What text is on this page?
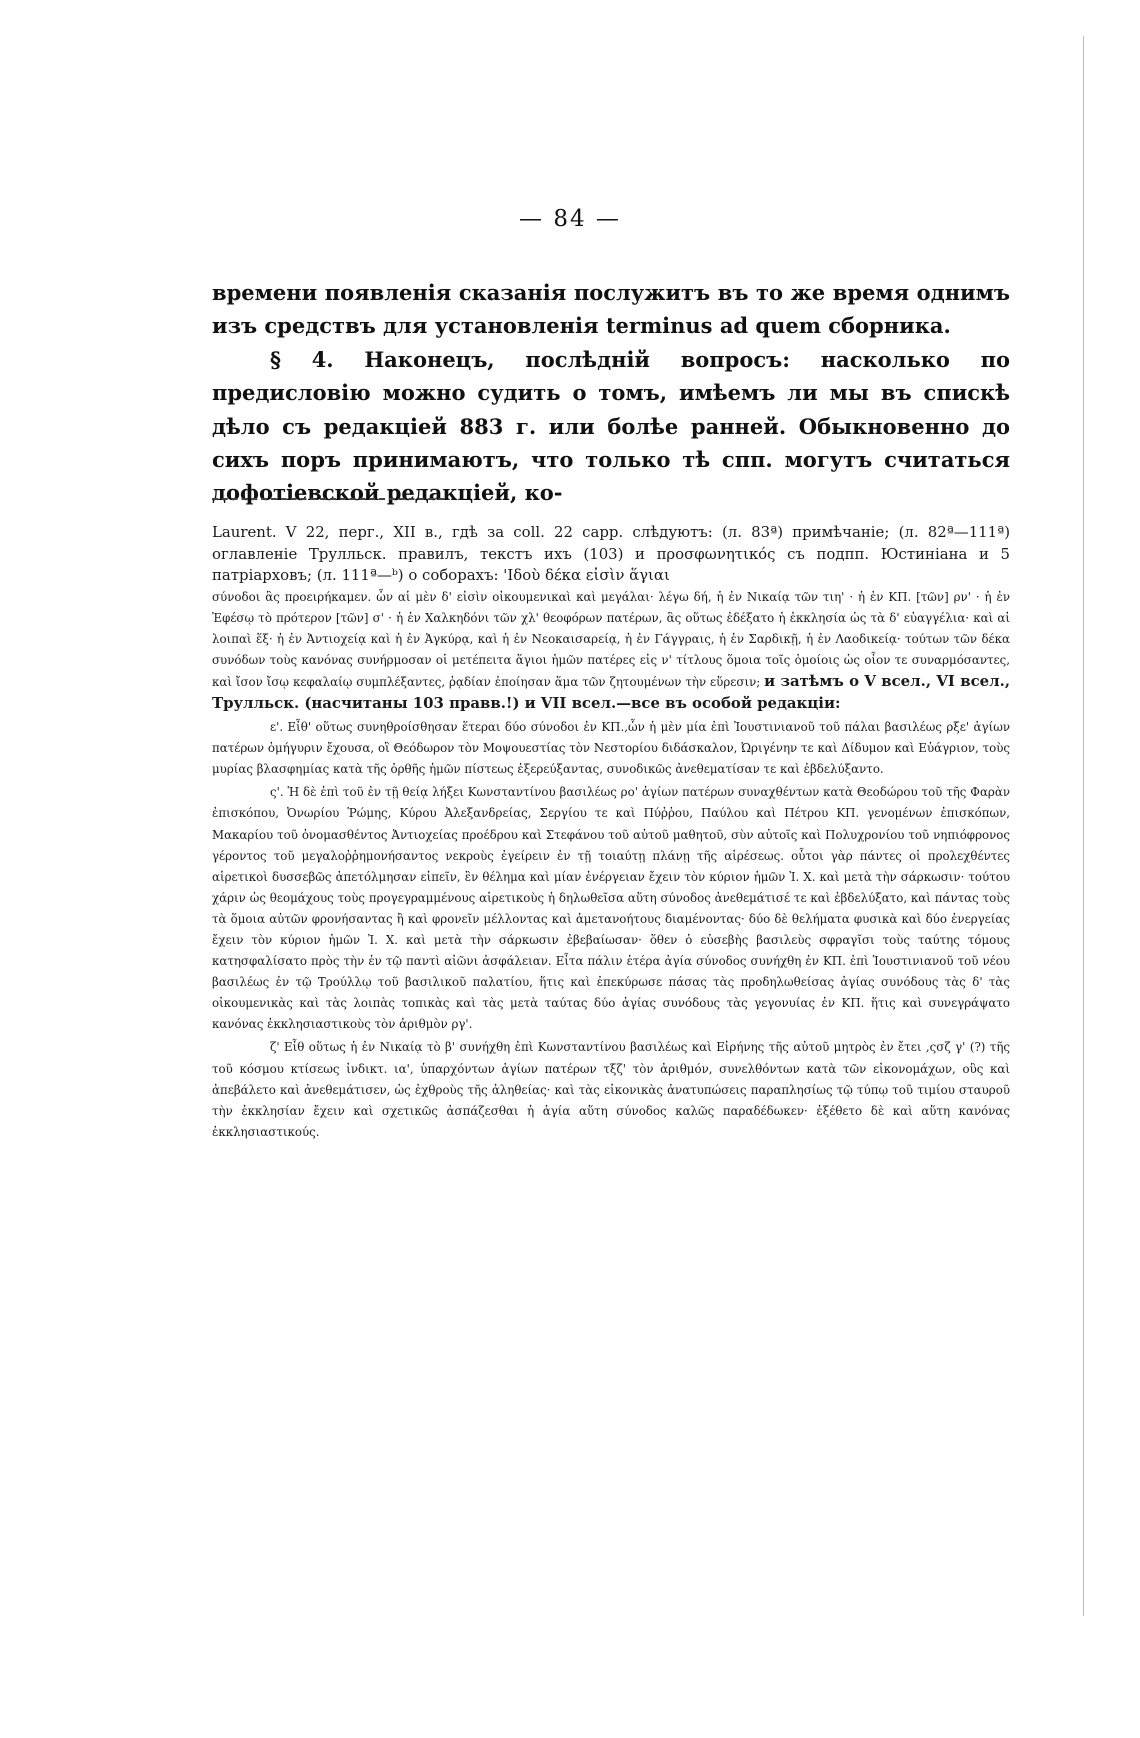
— 84 —

времени появленія сказанія послужитъ въ то же время однимъ изъ средствъ для установленія terminus ad quem сборника.

§ 4. Наконецъ, послѣдній вопросъ: насколько по предисловію можно судить о томъ, имѣемъ ли мы въ спискѣ дѣло съ редакціей 883 г. или болѣе ранней. Обыкновенно до сихъ поръ принимаютъ, что только тѣ спп. могутъ считаться дофотіевской редакціей, ко-

Laurent. V 22, перг., XII в., гдѣ за coll. 22 capp. слѣдуютъ: (л. 83ª) примѣчаніе; (л. 82ª—111ª) оглавленіе Трулльск. правилъ, текстъ ихъ (103) и προσφωνητικός съ подпп. Юстиніана и 5 патріарховъ; (л. 111ª—ᵇ) о соборахъ: 'Ιδοὺ δέκα εἰσὶν ἅγιαι

σύνοδοι ἃς προειρήκαμεν. ὧν αἱ μὲν δ' εἰσὶν οἰκουμενικαὶ καὶ μεγάλαι· λέγω δή, ἡ ἐν Νικαίᾳ τῶν τιη' · ἡ ἐν ΚΠ. [τῶν] ρν' · ἡ ἐν Ἐφέσῳ τὸ πρότερον [τῶν] σ' · ἡ ἐν Χαλκηδόνι τῶν χλ' θεοφόρων πατέρων, ἃς οὕτως ἐδέξατο ἡ ἐκκλησία ὡς τὰ δ' εὐαγγέλια· καὶ αἱ λοιπαὶ ἕξ· ἡ ἐν Ἀντιοχείᾳ καὶ ἡ ἐν Ἀγκύρᾳ, καὶ ἡ ἐν Νεοκαισαρείᾳ, ἡ ἐν Γάγγραις, ἡ ἐν Σαρδικῇ, ἡ ἐν Λαοδικείᾳ· τούτων τῶν δέκα συνόδων τοὺς κανόνας συνήρμοσαν οἱ μετέπειτα ἅγιοι ἡμῶν πατέρες εἰς ν' τίτλους ὅμοια τοῖς ὁμοίοις ὡς οἷον τε συναρμόσαντες, καὶ ἴσον ἴσῳ κεφαλαίῳ συμπλέξαντες, ῥᾳδίαν ἐποίησαν ἅμα τῶν ζητουμένων τὴν εὕρεσιν; и затѣмъ о V всел., VI всел., Трулльск. (насчитаны 103 правв.!) и VII всел.—все въ особой редакціи:

ε'. Εἶθ' οὕτως συνηθροίσθησαν ἕτεραι δύο σύνοδοι ἐν ΚΠ.,ὧν ἡ μὲν μία ἐπὶ Ἰουστινιανοῦ τοῦ πάλαι βασιλέως ρξε' ἁγίων πατέρων ὁμήγυριν ἔχουσα, οἳ Θεόδωρον τὸν Μοψουεστίας τὸν Νεστορίου διδάσκαλον, Ὠριγένην τε καὶ Δίδυμον καὶ Εὐάγριον, τοὺς μυρίας βλασφημίας κατὰ τῆς ὀρθῆς ἡμῶν πίστεως ἐξερεύξαντας, συνοδικῶς ἀνεθεματίσαν τε καὶ ἐβδελύξαντο.

ς'. Ἡ δὲ ἐπὶ τοῦ ἐν τῇ θείᾳ λήξει Κωνσταντίνου βασιλέως ρο' ἁγίων πατέρων συναχθέντων κατὰ Θεοδώρου τοῦ τῆς Φαρὰν ἐπισκόπου, Ὀνωρίου Ῥώμης, Κύρου Ἀλεξανδρείας, Σεργίου τε καὶ Πύῤῥου, Παύλου καὶ Πέτρου ΚΠ. γενομένων ἐπισκόπων, Μακαρίου τοῦ ὀνομασθέντος Ἀντιοχείας προέδρου καὶ Στεφάνου τοῦ αὐτοῦ μαθητοῦ, σὺν αὐτοῖς καὶ Πολυχρονίου τοῦ νηπιόφρονος γέροντος τοῦ μεγαλοῤῥημονήσαντος νεκροὺς ἐγείρειν ἐν τῇ τοιαύτῃ πλάνῃ τῆς αἱρέσεως. οὗτοι γὰρ πάντες οἱ προλεχθέντες αἱρετικοὶ δυσσεβῶς ἀπετόλμησαν εἰπεῖν, ἓν θέλημα καὶ μίαν ἐνέργειαν ἔχειν τὸν κύριον ἡμῶν Ἰ. Χ. καὶ μετὰ τὴν σάρκωσιν· τούτου χάριν ὡς θεομάχους τοὺς προγεγραμμένους αἱρετικοὺς ἡ δηλωθεῖσα αὕτη σύνοδος ἀνεθεμάτισέ τε καὶ ἐβδελύξατο, καὶ πάντας τοὺς τὰ ὅμοια αὐτῶν φρονήσαντας ἢ καὶ φρονεῖν μέλλοντας καὶ ἀμετανοήτους διαμένοντας· δύο δὲ θελήματα φυσικὰ καὶ δύο ἐνεργείας ἔχειν τὸν κύριον ἡμῶν Ἰ. Χ. καὶ μετὰ τὴν σάρκωσιν ἐβεβαίωσαν· ὅθεν ὁ εὐσεβὴς βασιλεὺς σφραγῖσι τοὺς ταύτης τόμους κατησφαλίσατο πρὸς τὴν ἐν τῷ παντὶ αἰῶνι ἀσφάλειαν. Εἶτα πάλιν ἑτέρα ἁγία σύνοδος συνήχθη ἐν ΚΠ. ἐπὶ Ἰουστινιανοῦ τοῦ νέου βασιλέως ἐν τῷ Τρούλλῳ τοῦ βασιλικοῦ παλατίου, ἥτις καὶ ἐπεκύρωσε πάσας τὰς προδηλωθείσας ἁγίας συνόδους τὰς δ' τὰς οἰκουμενικὰς καὶ τὰς λοιπὰς τοπικὰς καὶ τὰς μετὰ ταύτας δύο ἁγίας συνόδους τὰς γεγονυίας ἐν ΚΠ. ἥτις καὶ συνεγράψατο κανόνας ἐκκλησιαστικοὺς τὸν ἀριθμὸν ργ'.

ζ' Εἶθ οὕτως ἡ ἐν Νικαίᾳ τὸ β' συνήχθη ἐπὶ Κωνσταντίνου βασιλέως καὶ Εἰρήνης τῆς αὐτοῦ μητρὸς ἐν ἔτει ,ςσζ γ' (?) τῆς τοῦ κόσμου κτίσεως ἰνδικτ. ια', ὑπαρχόντων ἁγίων πατέρων τξζ' τὸν ἀριθμόν, συνελθόντων κατὰ τῶν εἰκονομάχων, οὓς καὶ ἀπεβάλετο καὶ ἀνεθεμάτισεν, ὡς ἐχθροὺς τῆς ἀληθείας· καὶ τὰς εἰκονικὰς ἀνατυπώσεις παραπλησίως τῷ τύπῳ τοῦ τιμίου σταυροῦ τὴν ἐκκλησίαν ἔχειν καὶ σχετικῶς ἀσπάζεσθαι ἡ ἁγία αὕτη σύνοδος καλῶς παραδέδωκεν· ἐξέθετο δὲ καὶ αὕτη κανόνας ἐκκλησιαστικούς.
